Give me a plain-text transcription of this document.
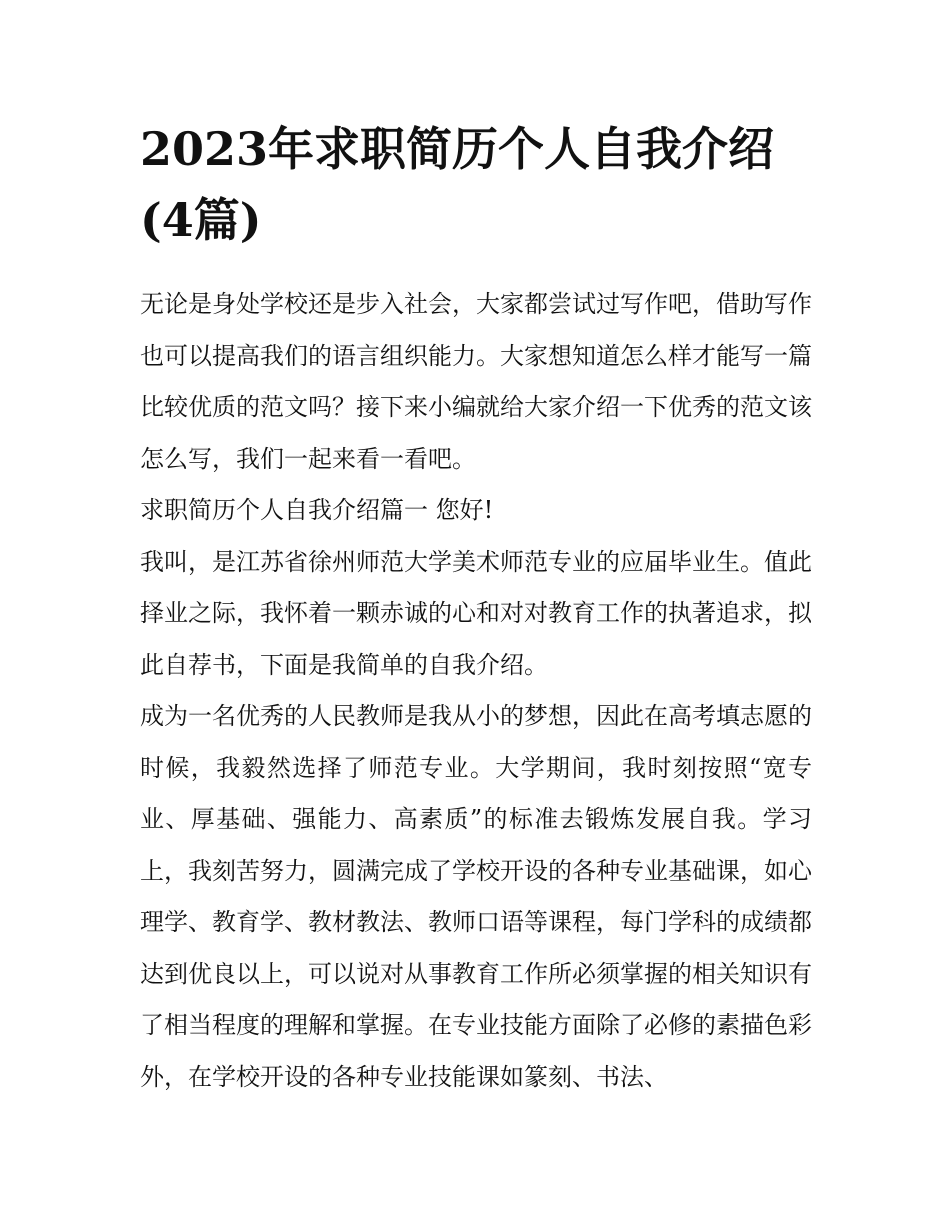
2023年求职简历个人自我介绍(4篇)

无论是身处学校还是步入社会，大家都尝试过写作吧，借助写作也可以提高我们的语言组织能力。大家想知道怎么样才能写一篇比较优质的范文吗？接下来小编就给大家介绍一下优秀的范文该怎么写，我们一起来看一看吧。

求职简历个人自我介绍篇一 您好!

我叫，是江苏省徐州师范大学美术师范专业的应届毕业生。值此择业之际，我怀着一颗赤诚的心和对对教育工作的执著追求，拟此自荐书，下面是我简单的自我介绍。

成为一名优秀的人民教师是我从小的梦想，因此在高考填志愿的时候，我毅然选择了师范专业。大学期间，我时刻按照“宽专业、厚基础、强能力、高素质”的标准去锻炼发展自我。学习上，我刻苦努力，圆满完成了学校开设的各种专业基础课，如心理学、教育学、教材教法、教师口语等课程，每门学科的成绩都达到优良以上，可以说对从事教育工作所必须掌握的相关知识有了相当程度的理解和掌握。在专业技能方面除了必修的素描色彩外，在学校开设的各种专业技能课如篆刻、书法、
